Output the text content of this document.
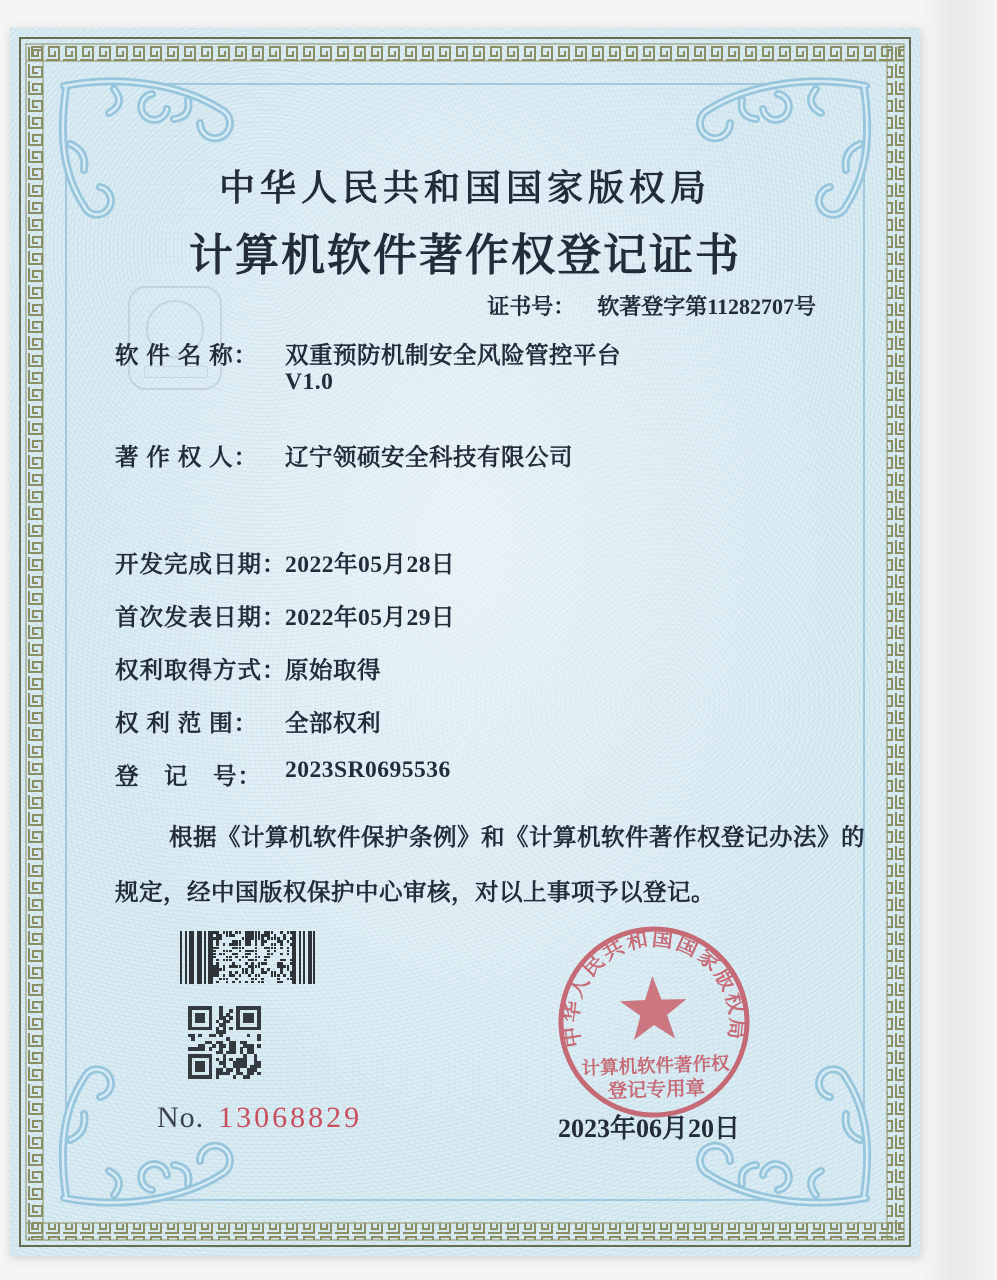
中华人民共和国国家版权局
计算机软件著作权登记证书
证书号： 软著登字第11282707号
软 件 名 称： 双重预防机制安全风险管控平台
V1.0
著 作 权 人： 辽宁领硕安全科技有限公司
开发完成日期：
2022年05月28日
首次发表日期：
2022年05月29日
权利取得方式：
原始取得
权 利 范 围： 全部权利
登　记　号： 2023SR0695536
根据《计算机软件保护条例》和《计算机软件著作权登记办法》的
规定，经中国版权保护中心审核，对以上事项予以登记。
No. 13068829	2023年06月20日
中华人民共和国国家版权局
计算机软件著作权
登记专用章
